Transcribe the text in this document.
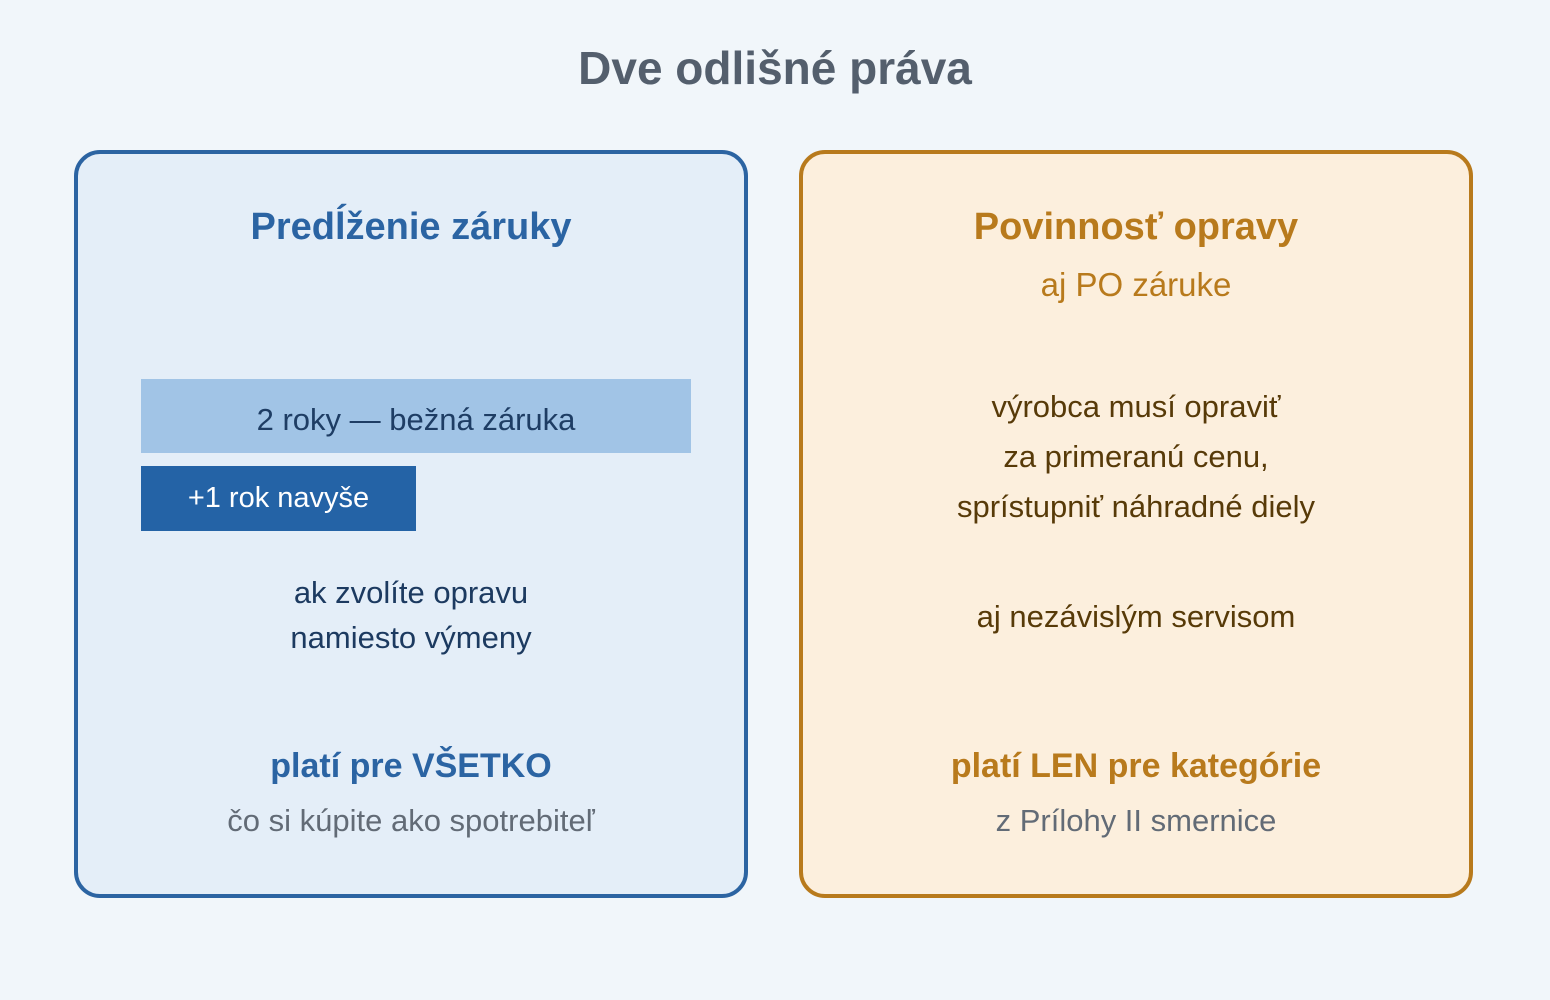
Dve odlišné práva
Predĺženie záruky
2 roky — bežná záruka
+1 rok navyše
ak zvolíte opravu
namiesto výmeny
platí pre VŠETKO
čo si kúpite ako spotrebiteľ
Povinnosť opravy
aj PO záruke
výrobca musí opraviť
za primeranú cenu,
sprístupniť náhradné diely
aj nezávislým servisom
platí LEN pre kategórie
z Prílohy II smernice
